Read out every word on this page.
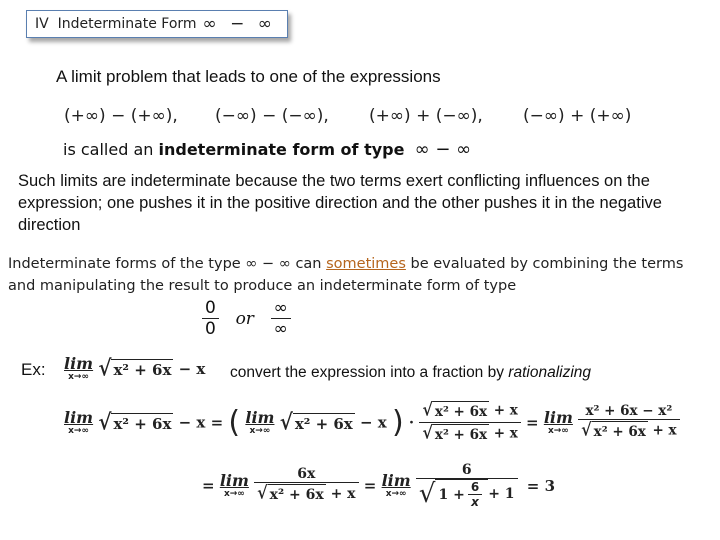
IV
Indeterminate Form ∞ − ∞
A limit problem that leads to one of the expressions
(+∞) − (+∞), (−∞) − (−∞), (+∞) + (−∞), (−∞) + (+∞)
is called an indeterminate form of type ∞ − ∞
Such limits are indeterminate because the two terms exert conflicting influences on the expression; one pushes it in the positive direction and the other pushes it in the negative direction
Indeterminate forms of the type ∞ − ∞ can sometimes be evaluated by combining the terms
and manipulating the result to produce an indeterminate form of type
$\frac{0}{0}$ or $\frac{\infty}{\infty}$
Ex: lim
x→∞
√ x² + 6x − x convert the expression into a fraction by rationalizing
lim
x→∞
√ x² + 6x − x = ( lim
x→∞
√ x² + 6x − x ) · $\frac{\text{√ x² + 6x + x}}{\text{√ x² + 6x + x}} = \lim$
x→∞
$\frac{\text{x² + 6x − x²}}{\text{√ x² + 6x + x}}$
= lim
x→∞
$\frac{6x}{\text{√ x² + 6x + x}} = \lim$
x→∞

6
√ $1 + \frac{6}{x} + 1 = 3$
